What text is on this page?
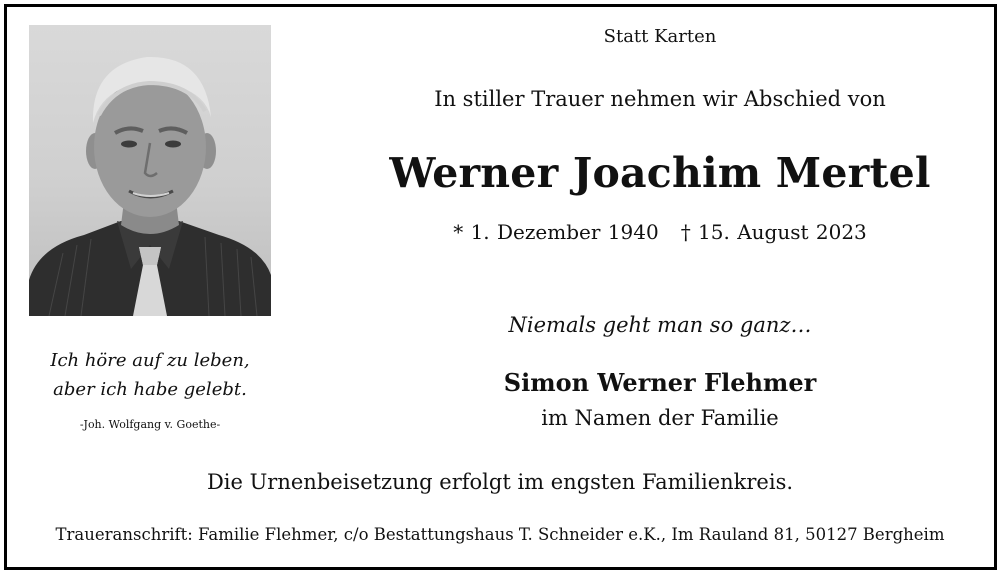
Statt Karten
In stiller Trauer nehmen wir Abschied von
Werner Joachim Mertel
* 1. Dezember 1940 † 15. August 2023
Niemals geht man so ganz…
Simon Werner Flehmer
im Namen der Familie
Ich höre auf zu leben,
aber ich habe gelebt.
-Joh. Wolfgang v. Goethe-
Die Urnenbeisetzung erfolgt im engsten Familienkreis.
Traueranschrift: Familie Flehmer, c/o Bestattungshaus T. Schneider e.K., Im Rauland 81, 50127 Bergheim
